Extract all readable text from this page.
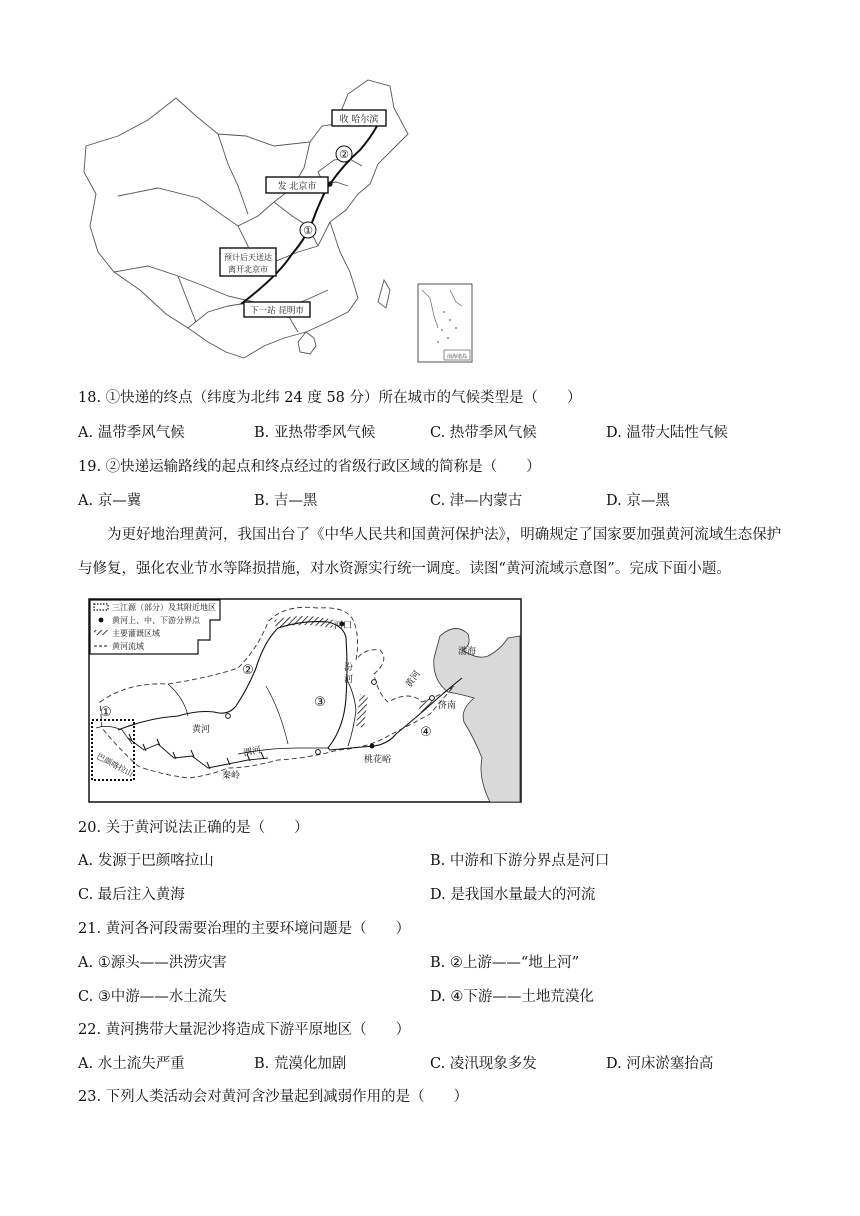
南海诸岛
收 哈尔滨
发 北京市
预计后天送达
离开北京市
下一站 昆明市
①
②
18. ①快递的终点（纬度为北纬 24 度 58 分）所在城市的气候类型是（　　）
A. 温带季风气候	B. 亚热带季风气候	C. 热带季风气候	D. 温带大陆性气候
19. ②快递运输路线的起点和终点经过的省级行政区域的简称是（　　）
A. 京—冀	B. 吉—黑	C. 津—内蒙古	D. 京—黑
为更好地治理黄河，我国出台了《中华人民共和国黄河保护法》，明确规定了国家要加强黄河流域生态保护与修复，强化农业节水等降损措施，对水资源实行统一调度。读图“黄河流域示意图”。完成下面小题。
河口
渤海
汾
河	黄河
济南
黄河
渭河
桃花峪
秦岭
巴颜喀拉山
①
②
③
④
三江源（部分）及其附近地区
黄河上、中、下游分界点
主要灌溉区域
黄河流域
20. 关于黄河说法正确的是（　　）
A. 发源于巴颜喀拉山	B. 中游和下游分界点是河口
C. 最后注入黄海	D. 是我国水量最大的河流
21. 黄河各河段需要治理的主要环境问题是（　　）
A. ①源头——洪涝灾害	B. ②上游——“地上河”
C. ③中游——水土流失	D. ④下游——土地荒漠化
22. 黄河携带大量泥沙将造成下游平原地区（　　）
A. 水土流失严重	B. 荒漠化加剧	C. 凌汛现象多发	D. 河床淤塞抬高
23. 下列人类活动会对黄河含沙量起到减弱作用的是（　　）
